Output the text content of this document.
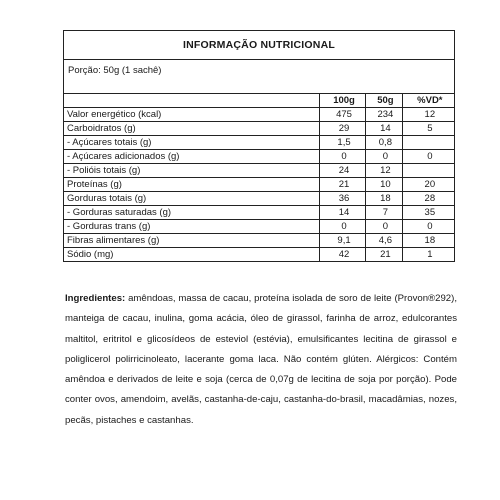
INFORMAÇÃO NUTRICIONAL
Porção: 50g (1 sachê)
	100g	50g	%VD*
Valor energético (kcal)	475	234	12
Carboidratos (g)	29	14	5
- Açúcares totais (g)	1,5	0,8	
- Açúcares adicionados (g)	0	0	0
- Polióis totais (g)	24	12	
Proteínas (g)	21	10	20
Gorduras totais (g)	36	18	28
- Gorduras saturadas (g)	14	7	35
- Gorduras trans (g)	0	0	0
Fibras alimentares (g)	9,1	4,6	18
Sódio (mg)	42	21	1
Ingredientes: amêndoas, massa de cacau, proteína isolada de soro de leite (Provon®292), manteiga de cacau, inulina, goma acácia, óleo de girassol, farinha de arroz, edulcorantes maltitol, eritritol e glicosídeos de esteviol (estévia), emulsificantes lecitina de girassol e poliglicerol polirricinoleato, lacerante goma laca. Não contém glúten. Alérgicos: Contém amêndoa e derivados de leite e soja (cerca de 0,07g de lecitina de soja por porção). Pode conter ovos, amendoim, avelãs, castanha-de-caju, castanha-do-brasil, macadâmias, nozes, pecãs, pistaches e castanhas.
